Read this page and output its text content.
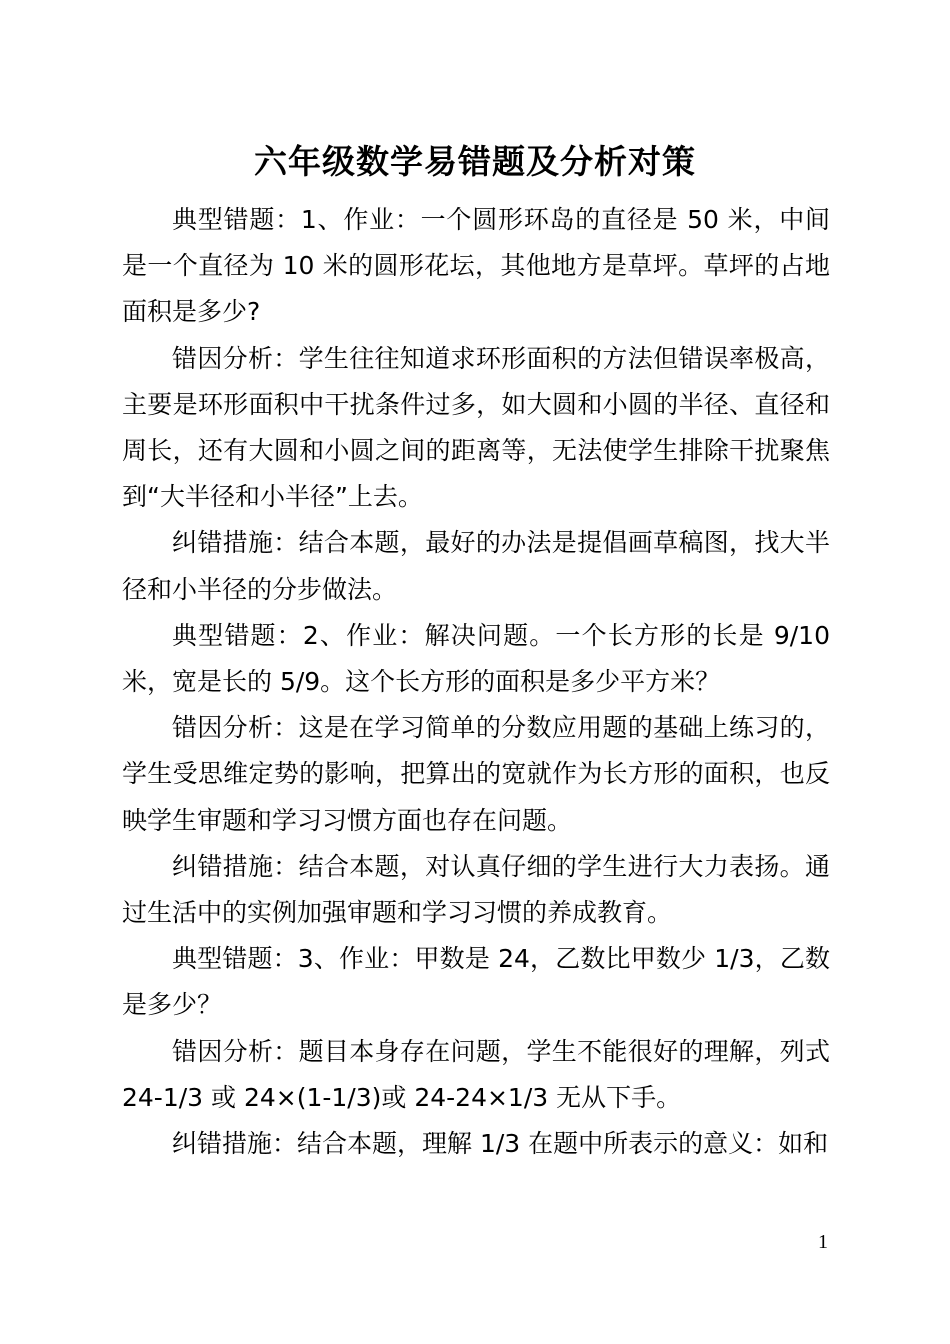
六年级数学易错题及分析对策

典型错题：1、作业：一个圆形环岛的直径是 50 米，中间是一个直径为 10 米的圆形花坛，其他地方是草坪。草坪的占地面积是多少?

错因分析：学生往往知道求环形面积的方法但错误率极高，主要是环形面积中干扰条件过多，如大圆和小圆的半径、直径和周长，还有大圆和小圆之间的距离等，无法使学生排除干扰聚焦到“大半径和小半径”上去。

纠错措施：结合本题，最好的办法是提倡画草稿图，找大半径和小半径的分步做法。

典型错题：2、作业：解决问题。一个长方形的长是 9/10 米，宽是长的 5/9。这个长方形的面积是多少平方米？

错因分析：这是在学习简单的分数应用题的基础上练习的，学生受思维定势的影响，把算出的宽就作为长方形的面积，也反映学生审题和学习习惯方面也存在问题。

纠错措施：结合本题，对认真仔细的学生进行大力表扬。通过生活中的实例加强审题和学习习惯的养成教育。

典型错题：3、作业：甲数是 24，乙数比甲数少 1/3，乙数是多少？

错因分析：题目本身存在问题，学生不能很好的理解，列式 24-1/3 或 24×(1-1/3)或 24-24×1/3 无从下手。

纠错措施：结合本题，理解 1/3 在题中所表示的意义：如和

1
